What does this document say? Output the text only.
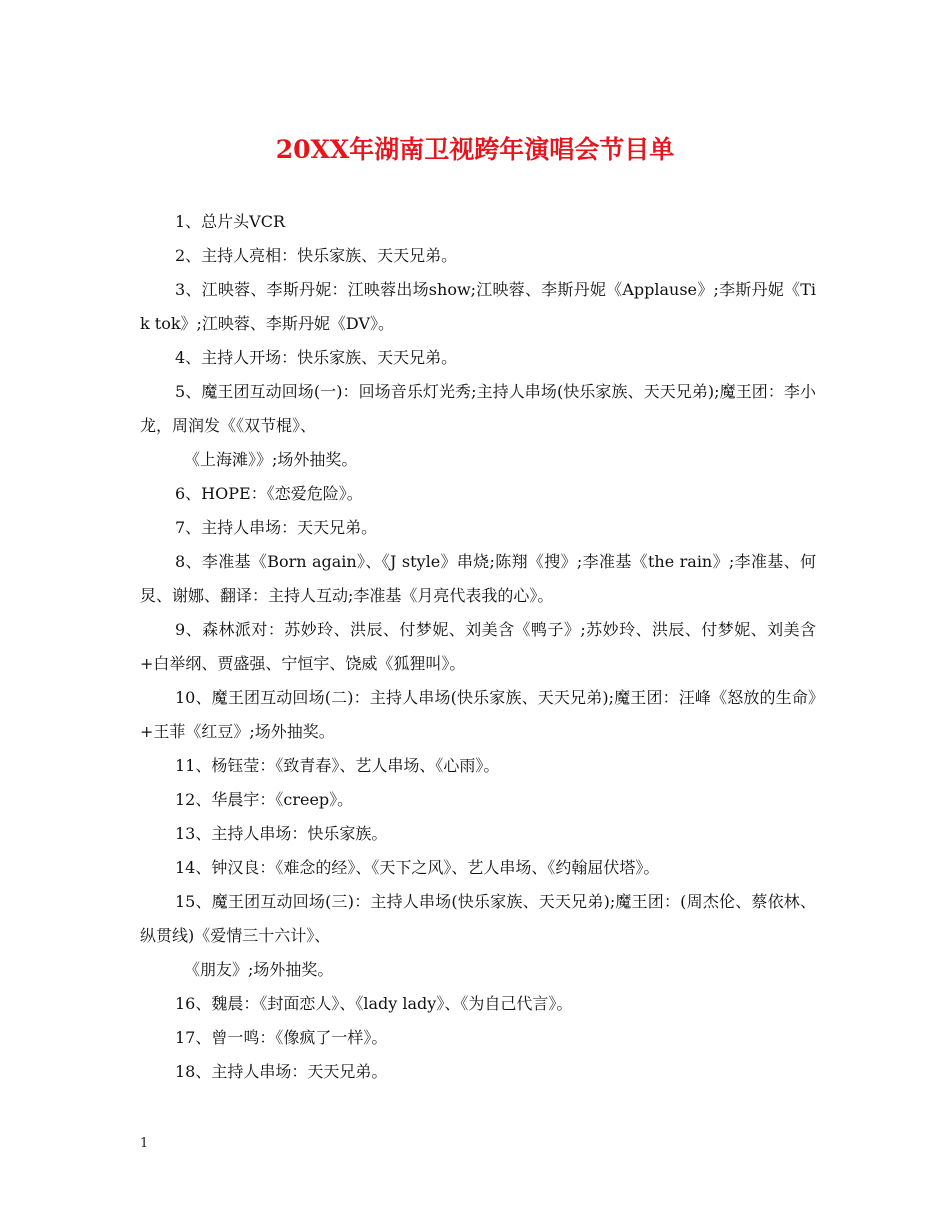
20XX年湖南卫视跨年演唱会节目单

1、总片头VCR

2、主持人亮相：快乐家族、天天兄弟。

3、江映蓉、李斯丹妮：江映蓉出场show;江映蓉、李斯丹妮《Applause》;李斯丹妮《Tik tok》;江映蓉、李斯丹妮《DV》。

4、主持人开场：快乐家族、天天兄弟。

5、魔王团互动回场(一)：回场音乐灯光秀;主持人串场(快乐家族、天天兄弟);魔王团：李小龙，周润发《《双节棍》、

《上海滩》》;场外抽奖。

6、HOPE：《恋爱危险》。

7、主持人串场：天天兄弟。

8、李准基《Born again》、《J style》串烧;陈翔《搜》;李准基《the rain》;李准基、何炅、谢娜、翻译：主持人互动;李准基《月亮代表我的心》。

9、森林派对：苏妙玲、洪辰、付梦妮、刘美含《鸭子》;苏妙玲、洪辰、付梦妮、刘美含+白举纲、贾盛强、宁恒宇、饶威《狐狸叫》。

10、魔王团互动回场(二)：主持人串场(快乐家族、天天兄弟);魔王团：汪峰《怒放的生命》+王菲《红豆》;场外抽奖。

11、杨钰莹：《致青春》、艺人串场、《心雨》。

12、华晨宇：《creep》。

13、主持人串场：快乐家族。

14、钟汉良：《难念的经》、《天下之风》、艺人串场、《约翰屈伏塔》。

15、魔王团互动回场(三)：主持人串场(快乐家族、天天兄弟);魔王团：(周杰伦、蔡依林、纵贯线)《爱情三十六计》、

《朋友》;场外抽奖。

16、魏晨：《封面恋人》、《lady lady》、《为自己代言》。

17、曾一鸣：《像疯了一样》。

18、主持人串场：天天兄弟。

1
